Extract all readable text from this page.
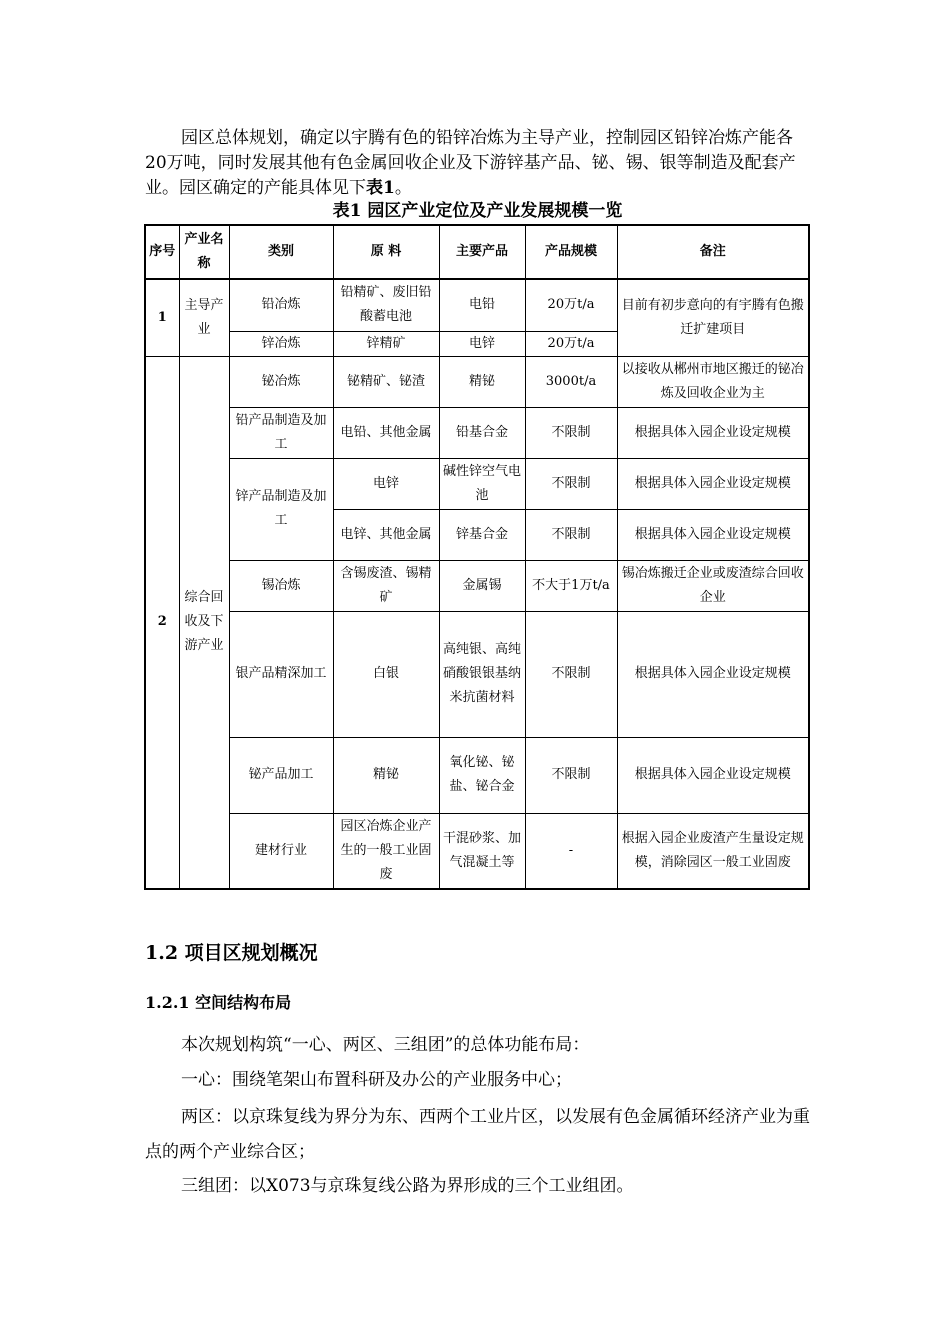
园区总体规划，确定以宇腾有色的铅锌冶炼为主导产业，控制园区铅锌冶炼产能各20万吨，同时发展其他有色金属回收企业及下游锌基产品、铋、锡、银等制造及配套产业。园区确定的产能具体见下表1。
表1 园区产业定位及产业发展规模一览
序号	产业名称	类别	原 料	主要产品	产品规模	备注
1	主导产业	铅冶炼	铅精矿、废旧铅酸蓄电池	电铅	20万t/a	目前有初步意向的有宇腾有色搬迁扩建项目
		锌冶炼	锌精矿	电锌	20万t/a	
2	综合回收及下游产业	铋冶炼	铋精矿、铋渣	精铋	3000t/a	以接收从郴州市地区搬迁的铋冶炼及回收企业为主
		铅产品制造及加工	电铅、其他金属	铅基合金	不限制	根据具体入园企业设定规模
		锌产品制造及加工	电锌	碱性锌空气电池	不限制	根据具体入园企业设定规模
			电锌、其他金属	锌基合金	不限制	根据具体入园企业设定规模
		锡冶炼	含锡废渣、锡精矿	金属锡	不大于1万t/a	锡冶炼搬迁企业或废渣综合回收企业
		银产品精深加工	白银	高纯银、高纯硝酸银银基纳米抗菌材料	不限制	根据具体入园企业设定规模
		铋产品加工	精铋	氧化铋、铋盐、铋合金	不限制	根据具体入园企业设定规模
		建材行业	园区冶炼企业产生的一般工业固废	干混砂浆、加气混凝土等	-	根据入园企业废渣产生量设定规模，消除园区一般工业固废
1.2 项目区规划概况
1.2.1 空间结构布局
本次规划构筑“一心、两区、三组团”的总体功能布局：
一心：围绕笔架山布置科研及办公的产业服务中心；
两区：以京珠复线为界分为东、西两个工业片区，以发展有色金属循环经济产业为重点的两个产业综合区；
三组团：以X073与京珠复线公路为界形成的三个工业组团。
